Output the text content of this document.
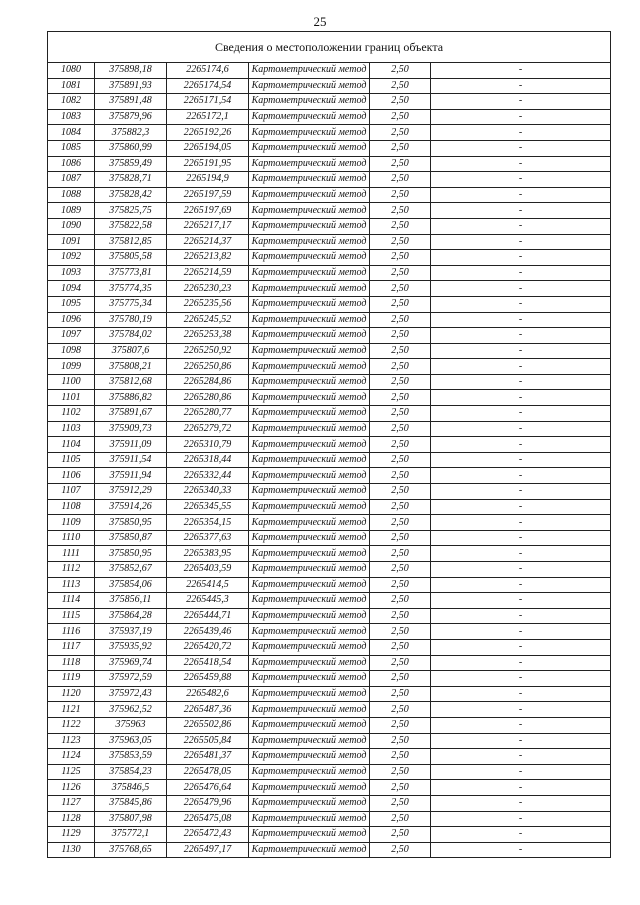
25
Сведения о местоположении границ объекта					
1080	375898,18	2265174,6	Картометрический метод	2,50	-
1081	375891,93	2265174,54	Картометрический метод	2,50	-
1082	375891,48	2265171,54	Картометрический метод	2,50	-
1083	375879,96	2265172,1	Картометрический метод	2,50	-
1084	375882,3	2265192,26	Картометрический метод	2,50	-
1085	375860,99	2265194,05	Картометрический метод	2,50	-
1086	375859,49	2265191,95	Картометрический метод	2,50	-
1087	375828,71	2265194,9	Картометрический метод	2,50	-
1088	375828,42	2265197,59	Картометрический метод	2,50	-
1089	375825,75	2265197,69	Картометрический метод	2,50	-
1090	375822,58	2265217,17	Картометрический метод	2,50	-
1091	375812,85	2265214,37	Картометрический метод	2,50	-
1092	375805,58	2265213,82	Картометрический метод	2,50	-
1093	375773,81	2265214,59	Картометрический метод	2,50	-
1094	375774,35	2265230,23	Картометрический метод	2,50	-
1095	375775,34	2265235,56	Картометрический метод	2,50	-
1096	375780,19	2265245,52	Картометрический метод	2,50	-
1097	375784,02	2265253,38	Картометрический метод	2,50	-
1098	375807,6	2265250,92	Картометрический метод	2,50	-
1099	375808,21	2265250,86	Картометрический метод	2,50	-
1100	375812,68	2265284,86	Картометрический метод	2,50	-
1101	375886,82	2265280,86	Картометрический метод	2,50	-
1102	375891,67	2265280,77	Картометрический метод	2,50	-
1103	375909,73	2265279,72	Картометрический метод	2,50	-
1104	375911,09	2265310,79	Картометрический метод	2,50	-
1105	375911,54	2265318,44	Картометрический метод	2,50	-
1106	375911,94	2265332,44	Картометрический метод	2,50	-
1107	375912,29	2265340,33	Картометрический метод	2,50	-
1108	375914,26	2265345,55	Картометрический метод	2,50	-
1109	375850,95	2265354,15	Картометрический метод	2,50	-
1110	375850,87	2265377,63	Картометрический метод	2,50	-
1111	375850,95	2265383,95	Картометрический метод	2,50	-
1112	375852,67	2265403,59	Картометрический метод	2,50	-
1113	375854,06	2265414,5	Картометрический метод	2,50	-
1114	375856,11	2265445,3	Картометрический метод	2,50	-
1115	375864,28	2265444,71	Картометрический метод	2,50	-
1116	375937,19	2265439,46	Картометрический метод	2,50	-
1117	375935,92	2265420,72	Картометрический метод	2,50	-
1118	375969,74	2265418,54	Картометрический метод	2,50	-
1119	375972,59	2265459,88	Картометрический метод	2,50	-
1120	375972,43	2265482,6	Картометрический метод	2,50	-
1121	375962,52	2265487,36	Картометрический метод	2,50	-
1122	375963	2265502,86	Картометрический метод	2,50	-
1123	375963,05	2265505,84	Картометрический метод	2,50	-
1124	375853,59	2265481,37	Картометрический метод	2,50	-
1125	375854,23	2265478,05	Картометрический метод	2,50	-
1126	375846,5	2265476,64	Картометрический метод	2,50	-
1127	375845,86	2265479,96	Картометрический метод	2,50	-
1128	375807,98	2265475,08	Картометрический метод	2,50	-
1129	375772,1	2265472,43	Картометрический метод	2,50	-
1130	375768,65	2265497,17	Картометрический метод	2,50	-
